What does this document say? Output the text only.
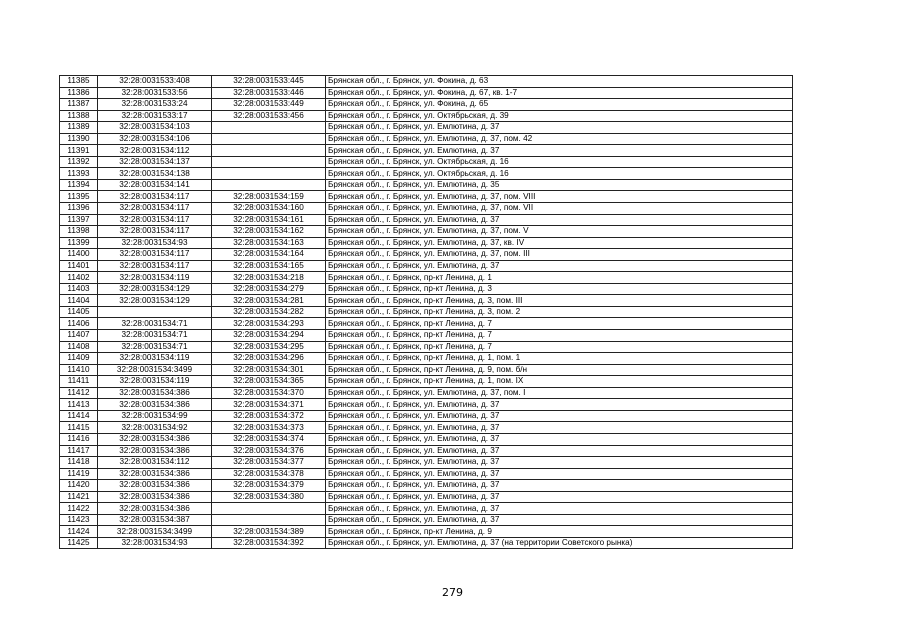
11385	32:28:0031533:408	32:28:0031533:445	Брянская обл., г. Брянск, ул. Фокина, д. 63
11386	32:28:0031533:56	32:28:0031533:446	Брянская обл., г. Брянск, ул. Фокина, д. 67, кв. 1-7
11387	32:28:0031533:24	32:28:0031533:449	Брянская обл., г. Брянск, ул. Фокина, д. 65
11388	32:28:0031533:17	32:28:0031533:456	Брянская обл., г. Брянск, ул. Октябрьская, д. 39
11389	32:28:0031534:103		Брянская обл., г. Брянск, ул. Емлютина, д. 37
11390	32:28:0031534:106		Брянская обл., г. Брянск, ул. Емлютина, д. 37, пом. 42
11391	32:28:0031534:112		Брянская обл., г. Брянск, ул. Емлютина, д. 37
11392	32:28:0031534:137		Брянская обл., г. Брянск, ул. Октябрьская, д. 16
11393	32:28:0031534:138		Брянская обл., г. Брянск, ул. Октябрьская, д. 16
11394	32:28:0031534:141		Брянская обл., г. Брянск, ул. Емлютина, д. 35
11395	32:28:0031534:117	32:28:0031534:159	Брянская обл., г. Брянск, ул. Емлютина, д. 37, пом. VIII
11396	32:28:0031534:117	32:28:0031534:160	Брянская обл., г. Брянск, ул. Емлютина, д. 37, пом. VII
11397	32:28:0031534:117	32:28:0031534:161	Брянская обл., г. Брянск, ул. Емлютина, д. 37
11398	32:28:0031534:117	32:28:0031534:162	Брянская обл., г. Брянск, ул. Емлютина, д. 37, пом. V
11399	32:28:0031534:93	32:28:0031534:163	Брянская обл., г. Брянск, ул. Емлютина, д. 37, кв. IV
11400	32:28:0031534:117	32:28:0031534:164	Брянская обл., г. Брянск, ул. Емлютина, д. 37, пом. III
11401	32:28:0031534:117	32:28:0031534:165	Брянская обл., г. Брянск, ул. Емлютина, д. 37
11402	32:28:0031534:119	32:28:0031534:218	Брянская обл., г. Брянск, пр-кт Ленина, д. 1
11403	32:28:0031534:129	32:28:0031534:279	Брянская обл., г. Брянск, пр-кт Ленина, д. 3
11404	32:28:0031534:129	32:28:0031534:281	Брянская обл., г. Брянск, пр-кт Ленина, д. 3, пом. III
11405		32:28:0031534:282	Брянская обл., г. Брянск, пр-кт Ленина, д. 3, пом. 2
11406	32:28:0031534:71	32:28:0031534:293	Брянская обл., г. Брянск, пр-кт Ленина, д. 7
11407	32:28:0031534:71	32:28:0031534:294	Брянская обл., г. Брянск, пр-кт Ленина, д. 7
11408	32:28:0031534:71	32:28:0031534:295	Брянская обл., г. Брянск, пр-кт Ленина, д. 7
11409	32:28:0031534:119	32:28:0031534:296	Брянская обл., г. Брянск, пр-кт Ленина, д. 1, пом. 1
11410	32:28:0031534:3499	32:28:0031534:301	Брянская обл., г. Брянск, пр-кт Ленина, д. 9, пом. б/н
11411	32:28:0031534:119	32:28:0031534:365	Брянская обл., г. Брянск, пр-кт Ленина, д. 1, пом. IX
11412	32:28:0031534:386	32:28:0031534:370	Брянская обл., г. Брянск, ул. Емлютина, д. 37, пом. I
11413	32:28:0031534:386	32:28:0031534:371	Брянская обл., г. Брянск, ул. Емлютина, д. 37
11414	32:28:0031534:99	32:28:0031534:372	Брянская обл., г. Брянск, ул. Емлютина, д. 37
11415	32:28:0031534:92	32:28:0031534:373	Брянская обл., г. Брянск, ул. Емлютина, д. 37
11416	32:28:0031534:386	32:28:0031534:374	Брянская обл., г. Брянск, ул. Емлютина, д. 37
11417	32:28:0031534:386	32:28:0031534:376	Брянская обл., г. Брянск, ул. Емлютина, д. 37
11418	32:28:0031534:112	32:28:0031534:377	Брянская обл., г. Брянск, ул. Емлютина, д. 37
11419	32:28:0031534:386	32:28:0031534:378	Брянская обл., г. Брянск, ул. Емлютина, д. 37
11420	32:28:0031534:386	32:28:0031534:379	Брянская обл., г. Брянск, ул. Емлютина, д. 37
11421	32:28:0031534:386	32:28:0031534:380	Брянская обл., г. Брянск, ул. Емлютина, д. 37
11422	32:28:0031534:386		Брянская обл., г. Брянск, ул. Емлютина, д. 37
11423	32:28:0031534:387		Брянская обл., г. Брянск, ул. Емлютина, д. 37
11424	32:28:0031534:3499	32:28:0031534:389	Брянская обл., г. Брянск, пр-кт Ленина, д. 9
11425	32:28:0031534:93	32:28:0031534:392	Брянская обл., г. Брянск, ул. Емлютина, д. 37 (на территории Советского рынка)
279
